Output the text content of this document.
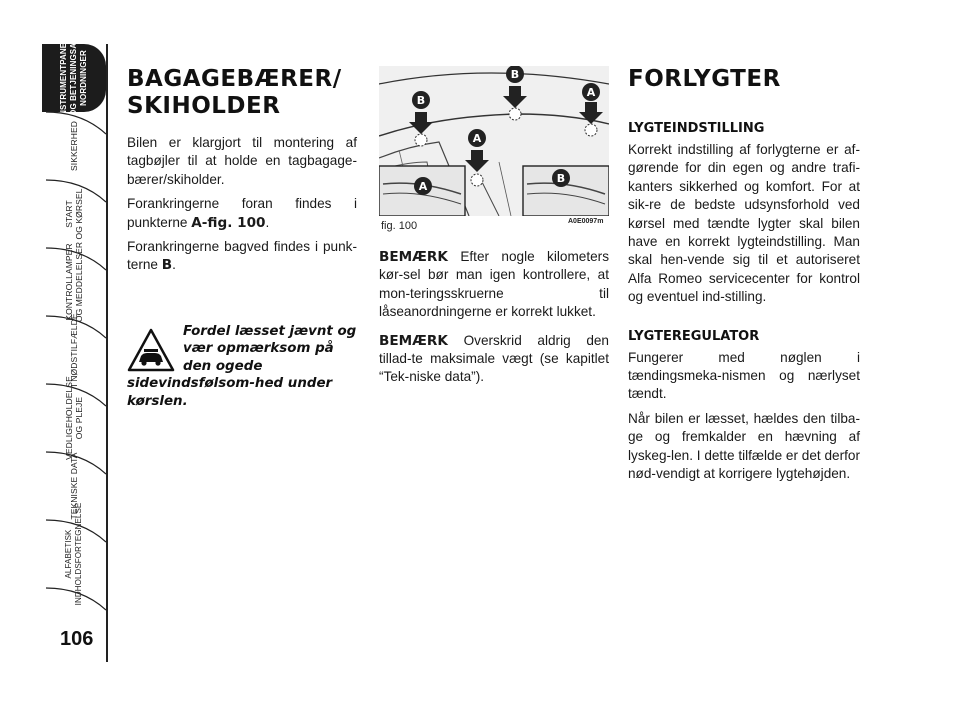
INSTRUMENTPANEL
OG BETJENINGSA-
NORDNINGER
SIKKERHED
START
OG KØRSEL
KONTROLLAMPER
OG MEDDELELSER
I NØDSTILFÆLDE
VEDLIGEHOLDELSE
OG PLEJE
TEKNISKE DATA
ALFABETISK
INDHOLDSFORTEGNELSE
106
BAGAGEBÆRER/
SKIHOLDER

Bilen er klargjort til montering af tagbøjler til at holde en tagbagage-bærer/skiholder.

Forankringerne foran findes i punkterne A-fig. 100.

Forankringerne bagved findes i punk-terne B.

Fordel læsset jævnt og vær opmærksom på den ogede sidevindsfølsom-hed under kørslen.
B
B
A
A
A
B
fig. 100	A0E0097m

BEMÆRK Efter nogle kilometers kør-sel bør man igen kontrollere, at mon-teringsskruerne til låseanordningerne er korrekt lukket.

BEMÆRK Overskrid aldrig den tillad-te maksimale vægt (se kapitlet “Tek-niske data”).

FORLYGTER
LYGTEINDSTILLING

Korrekt indstilling af forlygterne er af-gørende for din egen og andre trafi-kanters sikkerhed og komfort. For at sik-re de bedste udsynsforhold ved kørsel med tændte lygter skal bilen have en korrekt lygteindstilling. Man skal hen-vende sig til et autoriseret Alfa Romeo servicecenter for kontrol og eventuel ind-stilling.

LYGTEREGULATOR

Fungerer med nøglen i tændingsmeka-nismen og nærlyset tændt.

Når bilen er læsset, hældes den tilba-ge og fremkalder en hævning af lyskeg-len. I dette tilfælde er det derfor nød-vendigt at korrigere lygtehøjden.
